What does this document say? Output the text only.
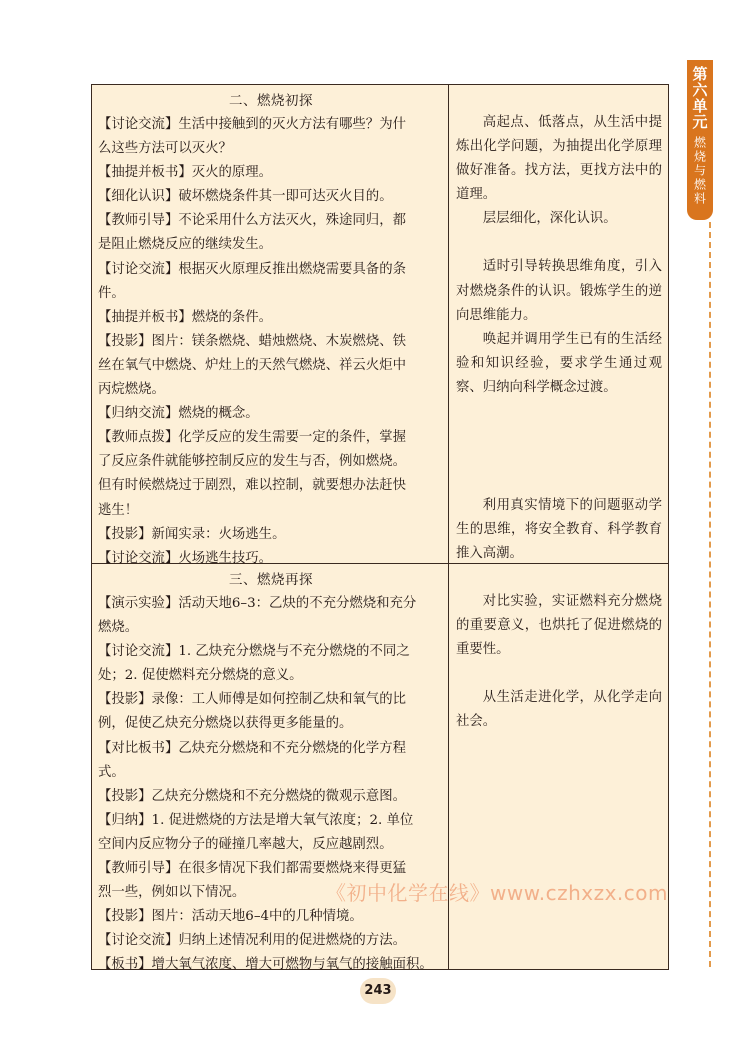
第六单元
燃烧与燃料
二、燃烧初探
【讨论交流】生活中接触到的灭火方法有哪些？为什
么这些方法可以灭火？
【抽提并板书】灭火的原理。
【细化认识】破坏燃烧条件其一即可达灭火目的。
【教师引导】不论采用什么方法灭火，殊途同归，都
是阻止燃烧反应的继续发生。
【讨论交流】根据灭火原理反推出燃烧需要具备的条
件。
【抽提并板书】燃烧的条件。
【投影】图片：镁条燃烧、蜡烛燃烧、木炭燃烧、铁
丝在氧气中燃烧、炉灶上的天然气燃烧、祥云火炬中
丙烷燃烧。
【归纳交流】燃烧的概念。
【教师点拨】化学反应的发生需要一定的条件，掌握
了反应条件就能够控制反应的发生与否，例如燃烧。
但有时候燃烧过于剧烈，难以控制，就要想办法赶快
逃生！
【投影】新闻实录：火场逃生。
【讨论交流】火场逃生技巧。
高起点、低落点，从生活中提炼出化学问题，为抽提出化学原理做好准备。找方法，更找方法中的道理。
层层细化，深化认识。
适时引导转换思维角度，引入对燃烧条件的认识。锻炼学生的逆向思维能力。
唤起并调用学生已有的生活经验和知识经验，要求学生通过观察、归纳向科学概念过渡。
利用真实情境下的问题驱动学生的思维，将安全教育、科学教育推入高潮。
三、燃烧再探
【演示实验】活动天地6–3：乙炔的不充分燃烧和充分
燃烧。
【讨论交流】1. 乙炔充分燃烧与不充分燃烧的不同之
处；2. 促使燃料充分燃烧的意义。
【投影】录像：工人师傅是如何控制乙炔和氧气的比
例，促使乙炔充分燃烧以获得更多能量的。
【对比板书】乙炔充分燃烧和不充分燃烧的化学方程
式。
【投影】乙炔充分燃烧和不充分燃烧的微观示意图。
【归纳】1. 促进燃烧的方法是增大氧气浓度；2. 单位
空间内反应物分子的碰撞几率越大，反应越剧烈。
【教师引导】在很多情况下我们都需要燃烧来得更猛
烈一些，例如以下情况。
【投影】图片：活动天地6–4中的几种情境。
【讨论交流】归纳上述情况利用的促进燃烧的方法。
【板书】增大氧气浓度、增大可燃物与氧气的接触面积。
对比实验，实证燃料充分燃烧的重要意义，也烘托了促进燃烧的重要性。
从生活走进化学，从化学走向社会。
《初中化学在线》www.czhxzx.com
243
